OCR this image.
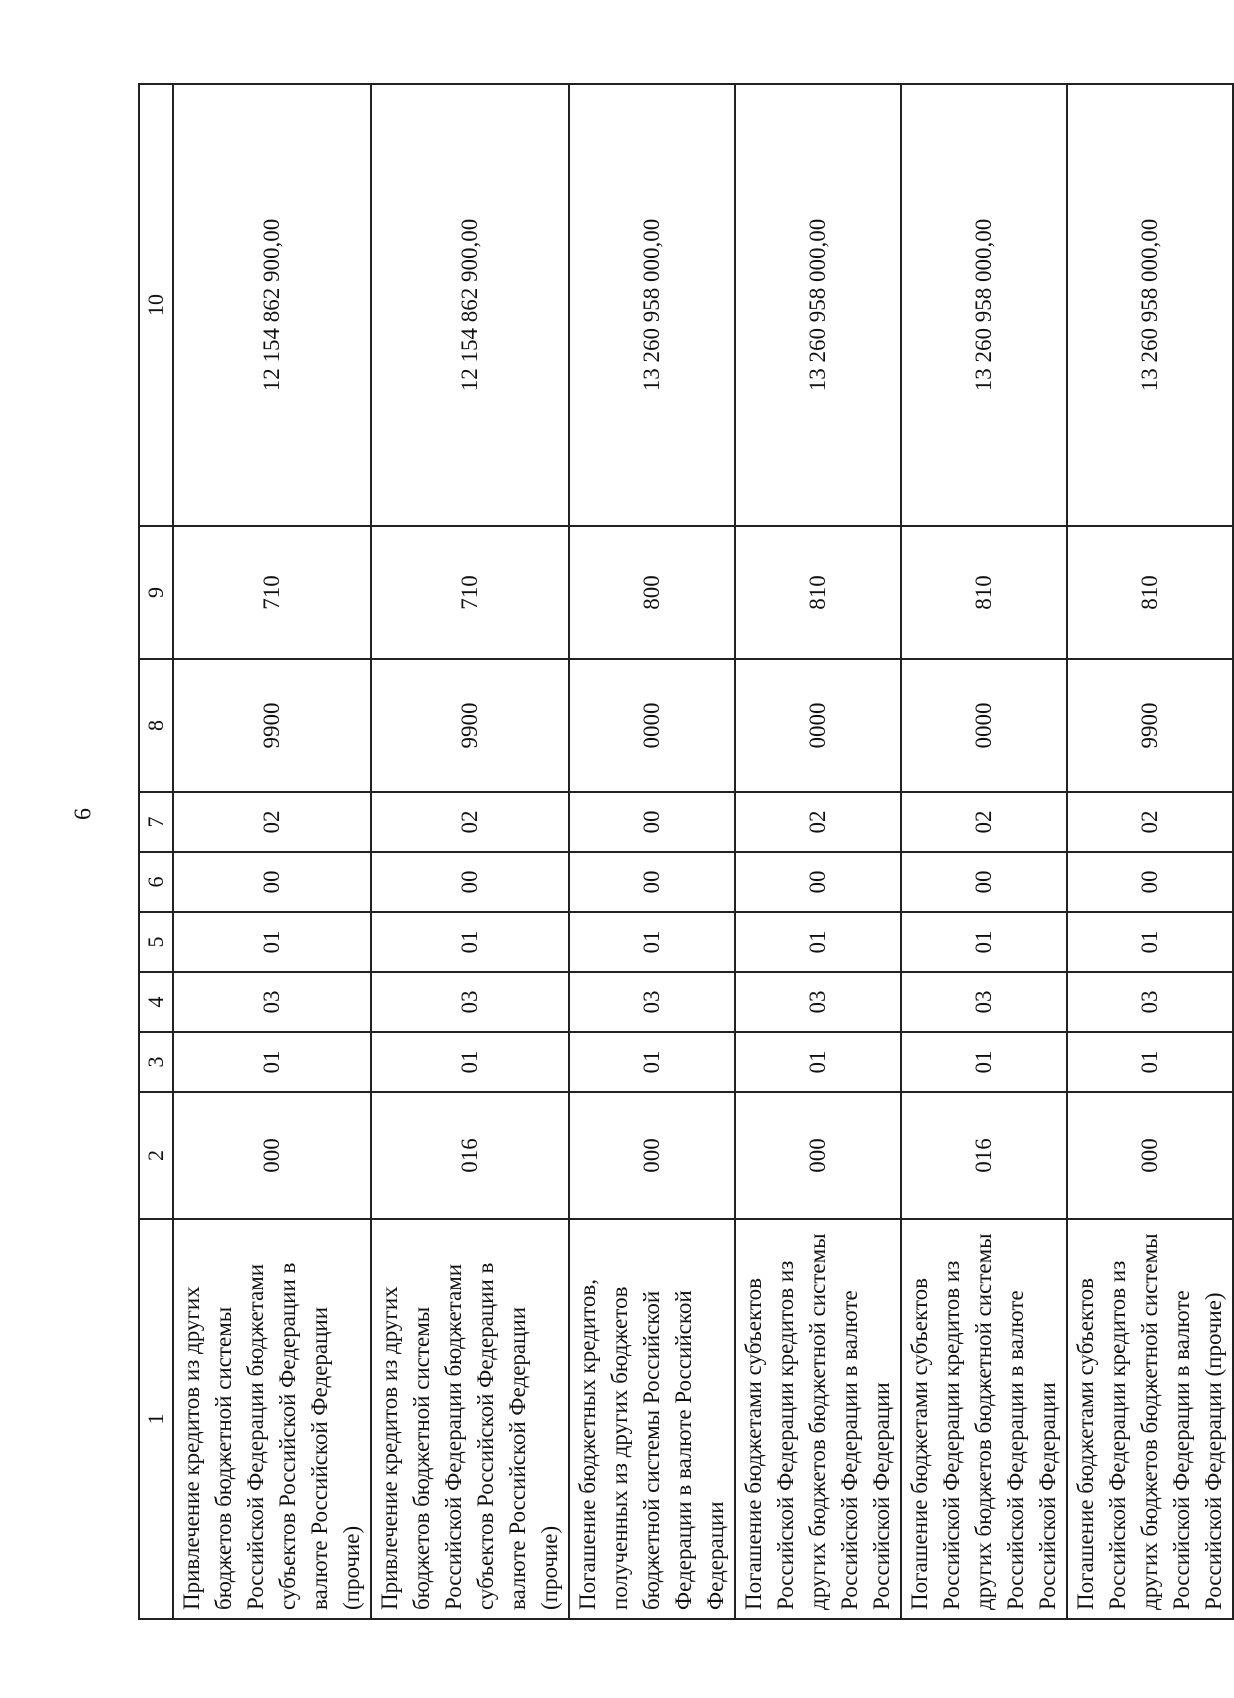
6
1	2	3	4	5	6	7	8	9	10
Привлечение кредитов из других бюджетов бюджетной системы Российской Федерации бюджетами субъектов Российской Федерации в валюте Российской Федерации (прочие)	000	01	03	01	00	02	9900	710	12 154 862 900,00
Привлечение кредитов из других бюджетов бюджетной системы Российской Федерации бюджетами субъектов Российской Федерации в валюте Российской Федерации (прочие)	016	01	03	01	00	02	9900	710	12 154 862 900,00
Погашение бюджетных кредитов, полученных из других бюджетов бюджетной системы Российской Федерации в валюте Российской Федерации	000	01	03	01	00	00	0000	800	13 260 958 000,00
Погашение бюджетами субъектов Российской Федерации кредитов из других бюджетов бюджетной системы Российской Федерации в валюте Российской Федерации	000	01	03	01	00	02	0000	810	13 260 958 000,00
Погашение бюджетами субъектов Российской Федерации кредитов из других бюджетов бюджетной системы Российской Федерации в валюте Российской Федерации	016	01	03	01	00	02	0000	810	13 260 958 000,00
Погашение бюджетами субъектов Российской Федерации кредитов из других бюджетов бюджетной системы Российской Федерации в валюте Российской Федерации (прочие)	000	01	03	01	00	02	9900	810	13 260 958 000,00
